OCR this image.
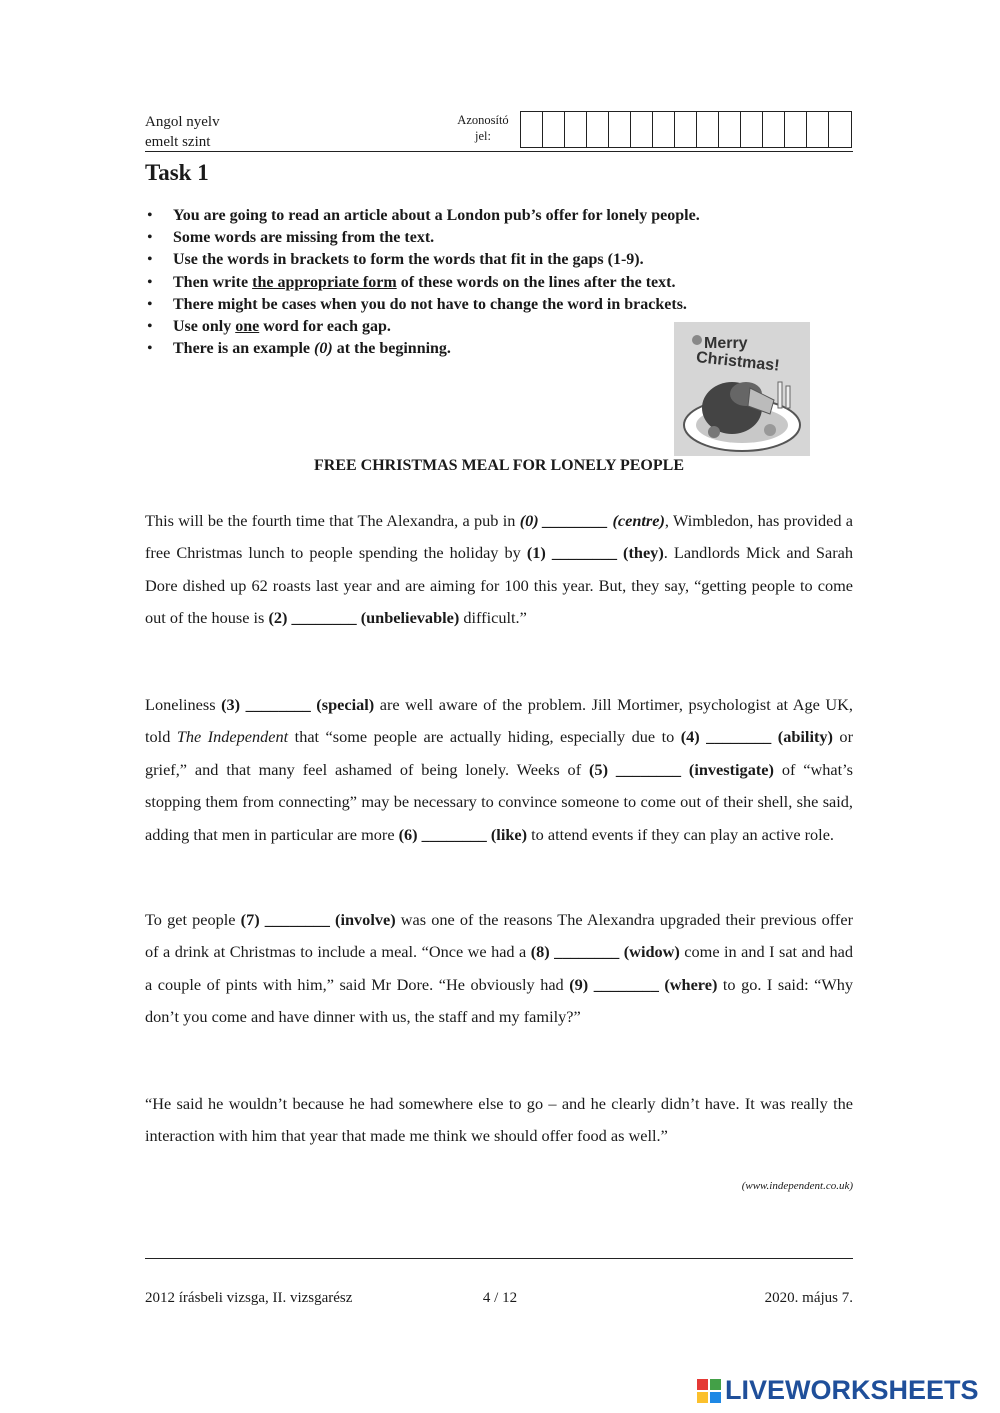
Angol nyelv
emelt szint
Azonosító
jel:
Task 1
• You are going to read an article about a London pub’s offer for lonely people.
• Some words are missing from the text.
• Use the words in brackets to form the words that fit in the gaps (1-9).
• Then write the appropriate form of these words on the lines after the text.
• There might be cases when you do not have to change the word in brackets.
• Use only one word for each gap.
• There is an example (0) at the beginning.	Merry
Christmas!
FREE CHRISTMAS MEAL FOR LONELY PEOPLE
This will be the fourth time that The Alexandra, a pub in (0) ________ (centre), Wimbledon, has provided a free Christmas lunch to people spending the holiday by (1) ________ (they). Landlords Mick and Sarah Dore dished up 62 roasts last year and are aiming for 100 this year. But, they say, “getting people to come out of the house is (2) ________ (unbelievable) difficult.”
Loneliness (3) ________ (special) are well aware of the problem. Jill Mortimer, psychologist at Age UK, told The Independent that “some people are actually hiding, especially due to (4) ________ (ability) or grief,” and that many feel ashamed of being lonely. Weeks of (5) ________ (investigate) of “what’s stopping them from connecting” may be necessary to convince someone to come out of their shell, she said, adding that men in particular are more (6) ________ (like) to attend events if they can play an active role.
To get people (7) ________ (involve) was one of the reasons The Alexandra upgraded their previous offer of a drink at Christmas to include a meal. “Once we had a (8) ________ (widow) come in and I sat and had a couple of pints with him,” said Mr Dore. “He obviously had (9) ________ (where) to go. I said: “Why don’t you come and have dinner with us, the staff and my family?”
“He said he wouldn’t because he had somewhere else to go – and he clearly didn’t have. It was really the interaction with him that year that made me think we should offer food as well.”
(www.independent.co.uk)
2012 írásbeli vizsga, II. vizsgarész	4 / 12	2020. május 7.
LIVEWORKSHEETS
